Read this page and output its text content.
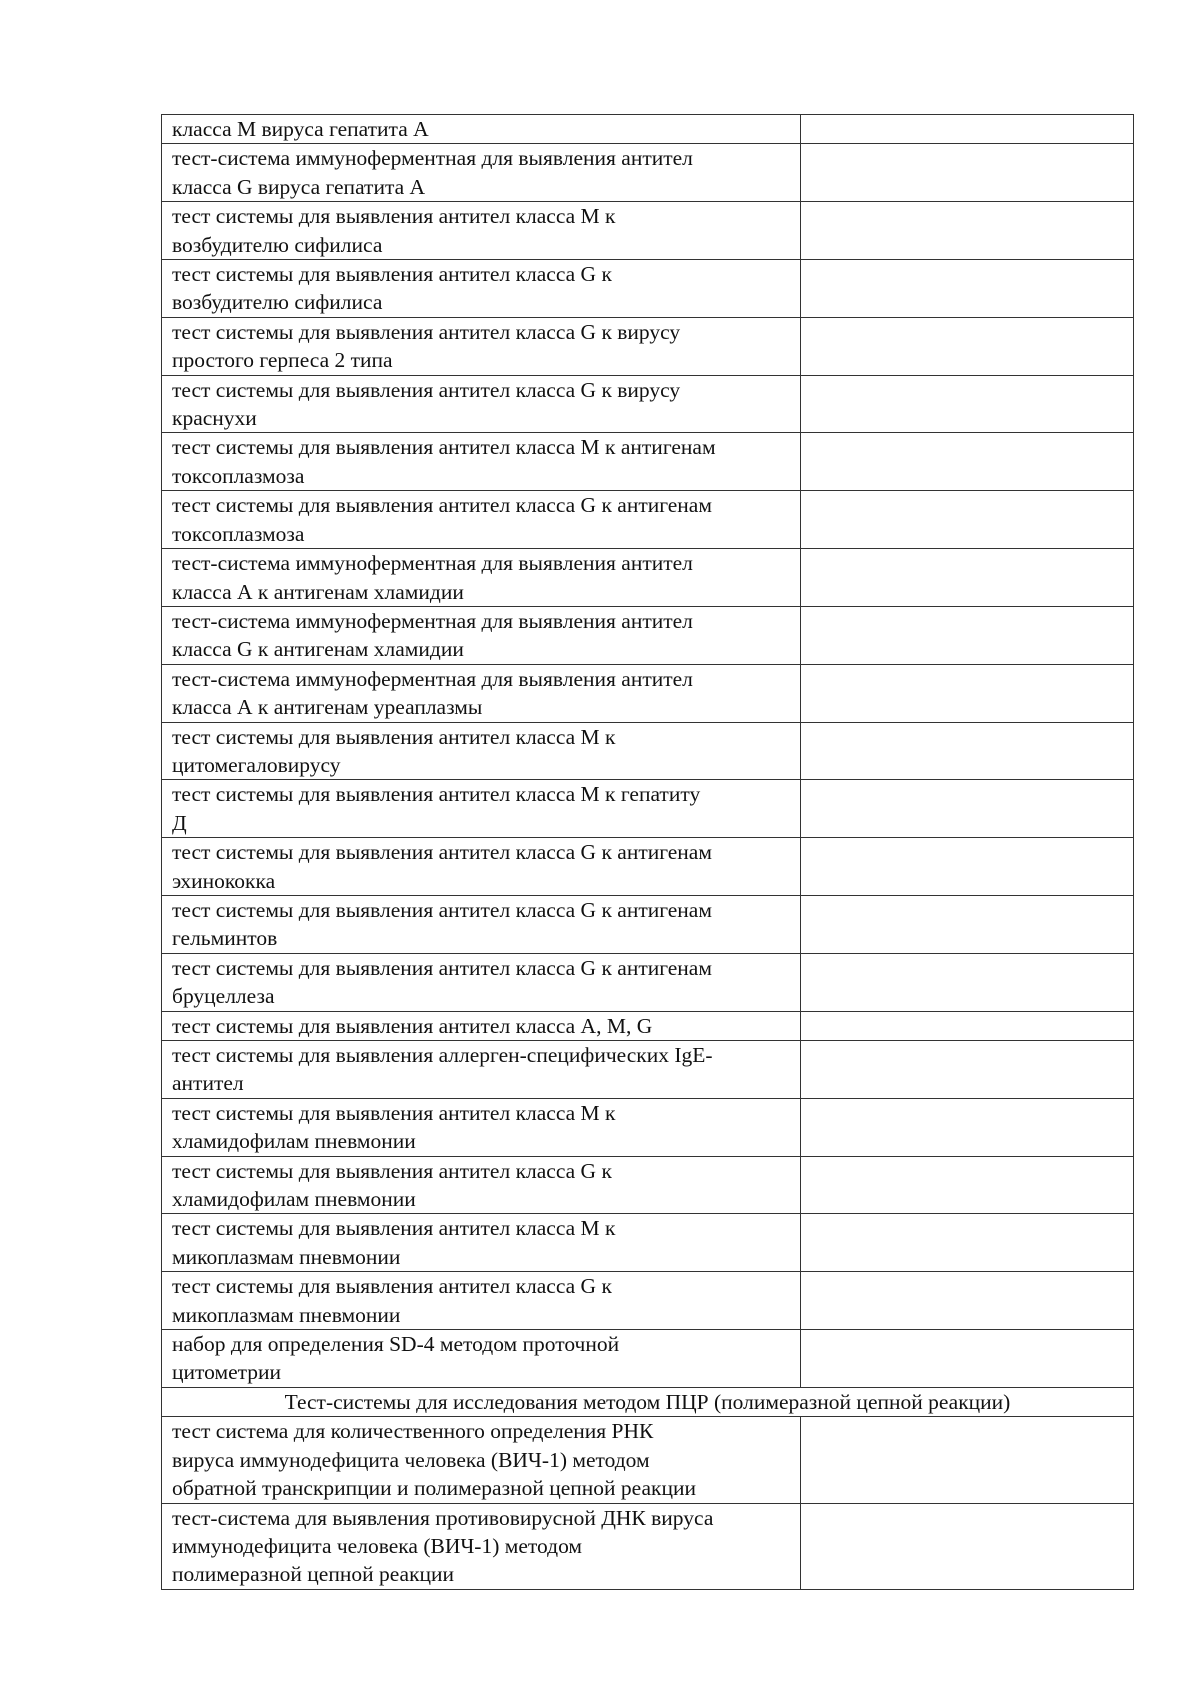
класса М вируса гепатита А	

тест-система иммуноферментная для выявления антител
класса G вируса гепатита А	

тест системы для выявления антител класса М к
возбудителю сифилиса	

тест системы для выявления антител класса G к
возбудителю сифилиса	

тест системы для выявления антител класса G к вирусу
простого герпеса 2 типа	

тест системы для выявления антител класса G к вирусу
краснухи	

тест системы для выявления антител класса М к антигенам
токсоплазмоза	

тест системы для выявления антител класса G к антигенам
токсоплазмоза	

тест-система иммуноферментная для выявления антител
класса А к антигенам хламидии	

тест-система иммуноферментная для выявления антител
класса G к антигенам хламидии	

тест-система иммуноферментная для выявления антител
класса А к антигенам уреаплазмы	

тест системы для выявления антител класса М к
цитомегаловирусу	

тест системы для выявления антител класса М к гепатиту
Д	

тест системы для выявления антител класса G к антигенам
эхинококка	

тест системы для выявления антител класса G к антигенам
гельминтов	

тест системы для выявления антител класса G к антигенам
бруцеллеза	

тест системы для выявления антител класса А, M, G	

тест системы для выявления аллерген-специфических IgE-
антител	

тест системы для выявления антител класса М к
хламидофилам пневмонии	

тест системы для выявления антител класса G к
хламидофилам пневмонии	

тест системы для выявления антител класса М к
микоплазмам пневмонии	

тест системы для выявления антител класса G к
микоплазмам пневмонии	

набор для определения SD-4 методом проточной
цитометрии	

Тест-системы для исследования методом ПЦР (полимеразной цепной реакции)	

тест система для количественного определения РНК
вируса иммунодефицита человека (ВИЧ-1) методом
обратной транскрипции и полимеразной цепной реакции	

тест-система для выявления противовирусной ДНК вируса
иммунодефицита человека (ВИЧ-1) методом
полимеразной цепной реакции	
